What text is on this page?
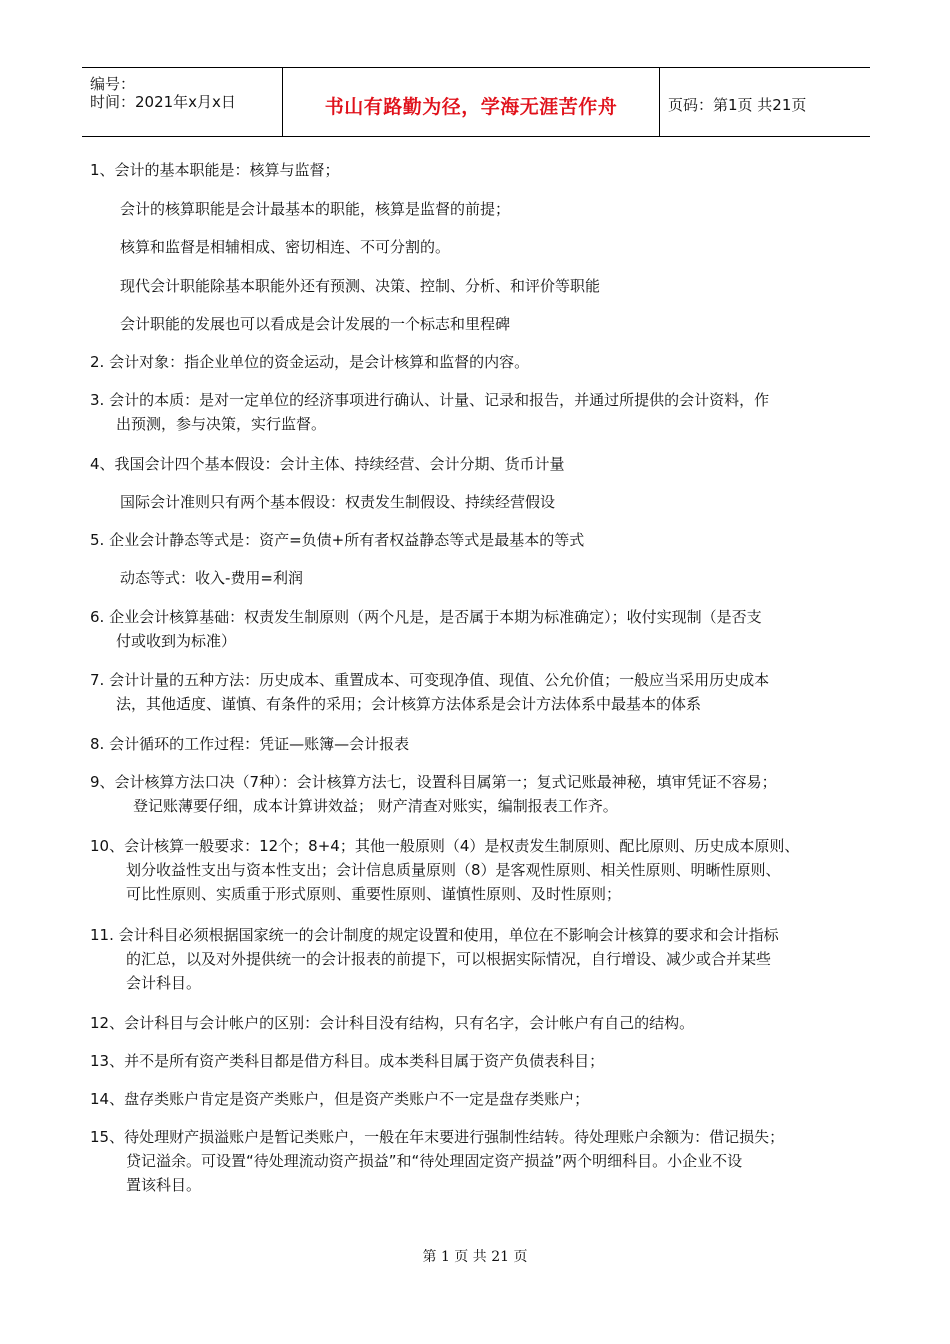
编号：
时间：2021年x月x日	书山有路勤为径，学海无涯苦作舟	页码：第1页 共21页
1、会计的基本职能是：核算与监督；
会计的核算职能是会计最基本的职能，核算是监督的前提；
核算和监督是相辅相成、密切相连、不可分割的。
现代会计职能除基本职能外还有预测、决策、控制、分析、和评价等职能
会计职能的发展也可以看成是会计发展的一个标志和里程碑
2. 会计对象：指企业单位的资金运动，是会计核算和监督的内容。
3. 会计的本质：是对一定单位的经济事项进行确认、计量、记录和报告，并通过所提供的会计资料，作
出预测，参与决策，实行监督。
4、我国会计四个基本假设：会计主体、持续经营、会计分期、货币计量
国际会计准则只有两个基本假设：权责发生制假设、持续经营假设
5. 企业会计静态等式是：资产=负债+所有者权益静态等式是最基本的等式
动态等式：收入-费用=利润
6. 企业会计核算基础：权责发生制原则（两个凡是，是否属于本期为标准确定）；收付实现制（是否支
付或收到为标准）
7. 会计计量的五种方法：历史成本、重置成本、可变现净值、现值、公允价值；一般应当采用历史成本
法，其他适度、谨慎、有条件的采用；会计核算方法体系是会计方法体系中最基本的体系
8. 会计循环的工作过程：凭证—账簿—会计报表
9、会计核算方法口决（7种）：会计核算方法七，设置科目属第一；复式记账最神秘，填审凭证不容易；
登记账薄要仔细，成本计算讲效益； 财产清查对账实，编制报表工作齐。
10、会计核算一般要求：12个；8+4；其他一般原则（4）是权责发生制原则、配比原则、历史成本原则、
划分收益性支出与资本性支出；会计信息质量原则（8）是客观性原则、相关性原则、明晰性原则、
可比性原则、实质重于形式原则、重要性原则、谨慎性原则、及时性原则；
11. 会计科目必须根据国家统一的会计制度的规定设置和使用，单位在不影响会计核算的要求和会计指标
的汇总，以及对外提供统一的会计报表的前提下，可以根据实际情况，自行增设、减少或合并某些
会计科目。
12、会计科目与会计帐户的区别：会计科目没有结构，只有名字，会计帐户有自己的结构。
13、并不是所有资产类科目都是借方科目。成本类科目属于资产负债表科目；
14、盘存类账户肯定是资产类账户，但是资产类账户不一定是盘存类账户；
15、待处理财产损溢账户是暂记类账户，一般在年末要进行强制性结转。待处理账户余额为：借记损失；
贷记溢余。可设置“待处理流动资产损益”和“待处理固定资产损益”两个明细科目。小企业不设
置该科目。
第 1 页 共 21 页
